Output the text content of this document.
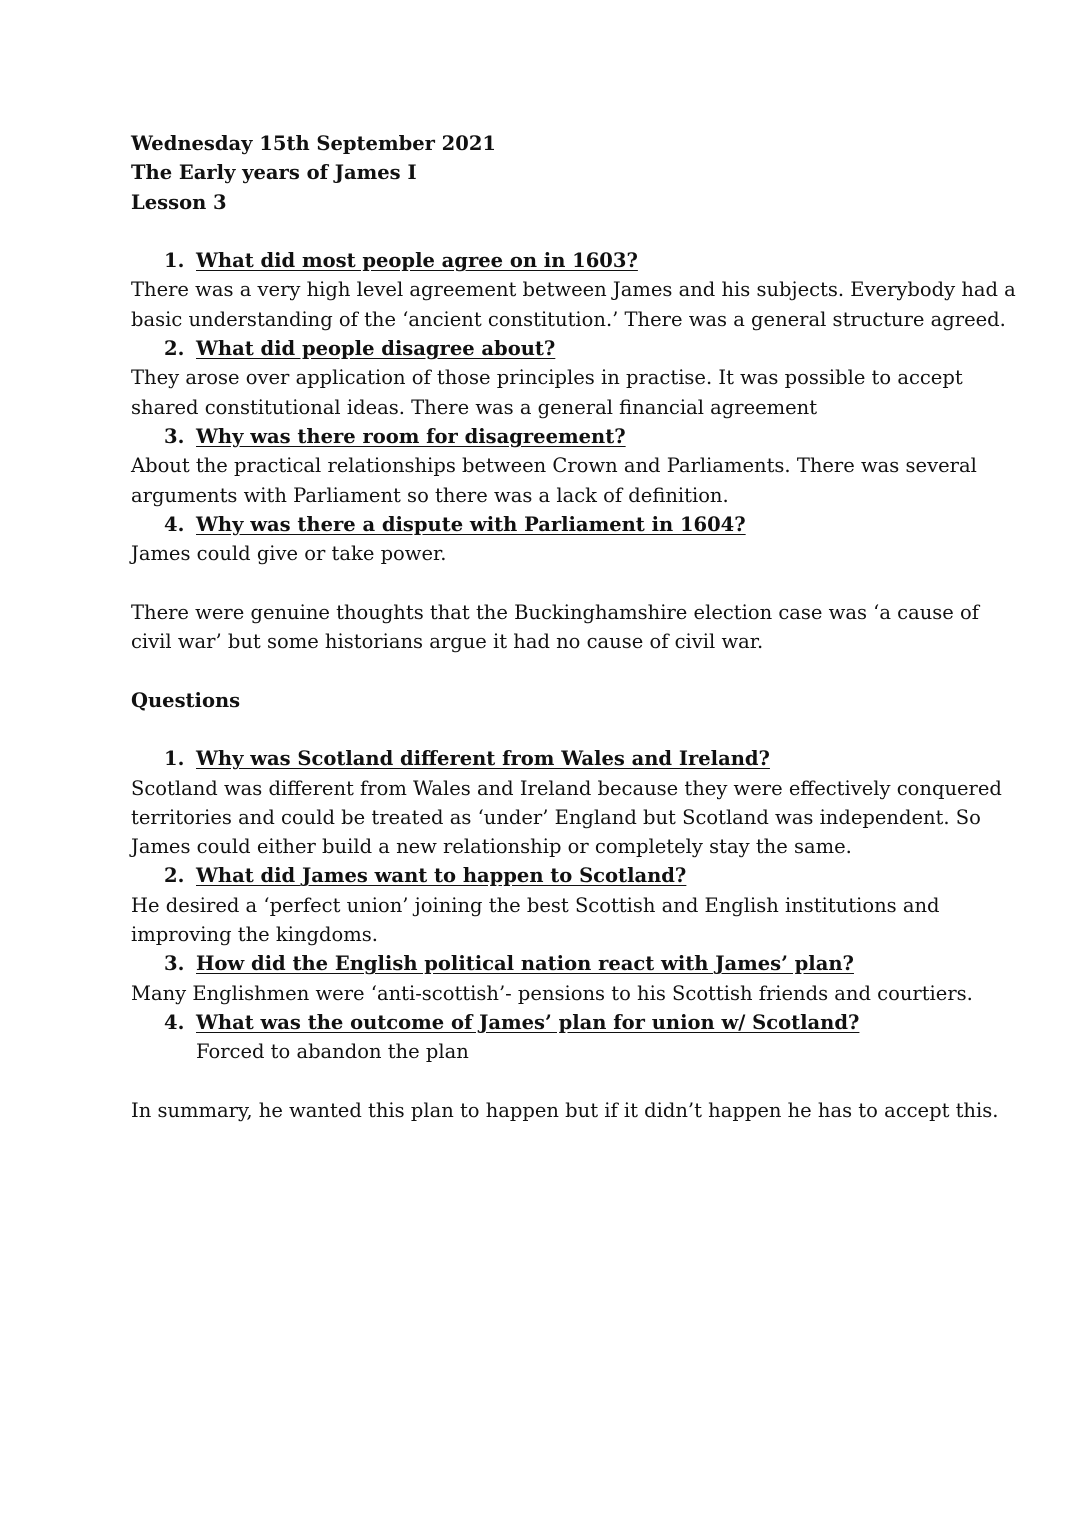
Wednesday 15th September 2021
The Early years of James I
Lesson 3
1. What did most people agree on in 1603?
There was a very high level agreement between James and his subjects. Everybody had a
basic understanding of the ‘ancient constitution.’ There was a general structure agreed.
2. What did people disagree about?
They arose over application of those principles in practise. It was possible to accept
shared constitutional ideas. There was a general financial agreement
3. Why was there room for disagreement?
About the practical relationships between Crown and Parliaments. There was several
arguments with Parliament so there was a lack of definition.
4. Why was there a dispute with Parliament in 1604?
James could give or take power.
There were genuine thoughts that the Buckinghamshire election case was ‘a cause of
civil war’ but some historians argue it had no cause of civil war.
Questions
1. Why was Scotland different from Wales and Ireland?
Scotland was different from Wales and Ireland because they were effectively conquered
territories and could be treated as ‘under’ England but Scotland was independent. So
James could either build a new relationship or completely stay the same.
2. What did James want to happen to Scotland?
He desired a ‘perfect union’ joining the best Scottish and English institutions and
improving the kingdoms.
3. How did the English political nation react with James’ plan?
Many Englishmen were ‘anti-scottish’- pensions to his Scottish friends and courtiers.
4. What was the outcome of James’ plan for union w/ Scotland?
Forced to abandon the plan
In summary, he wanted this plan to happen but if it didn’t happen he has to accept this.
